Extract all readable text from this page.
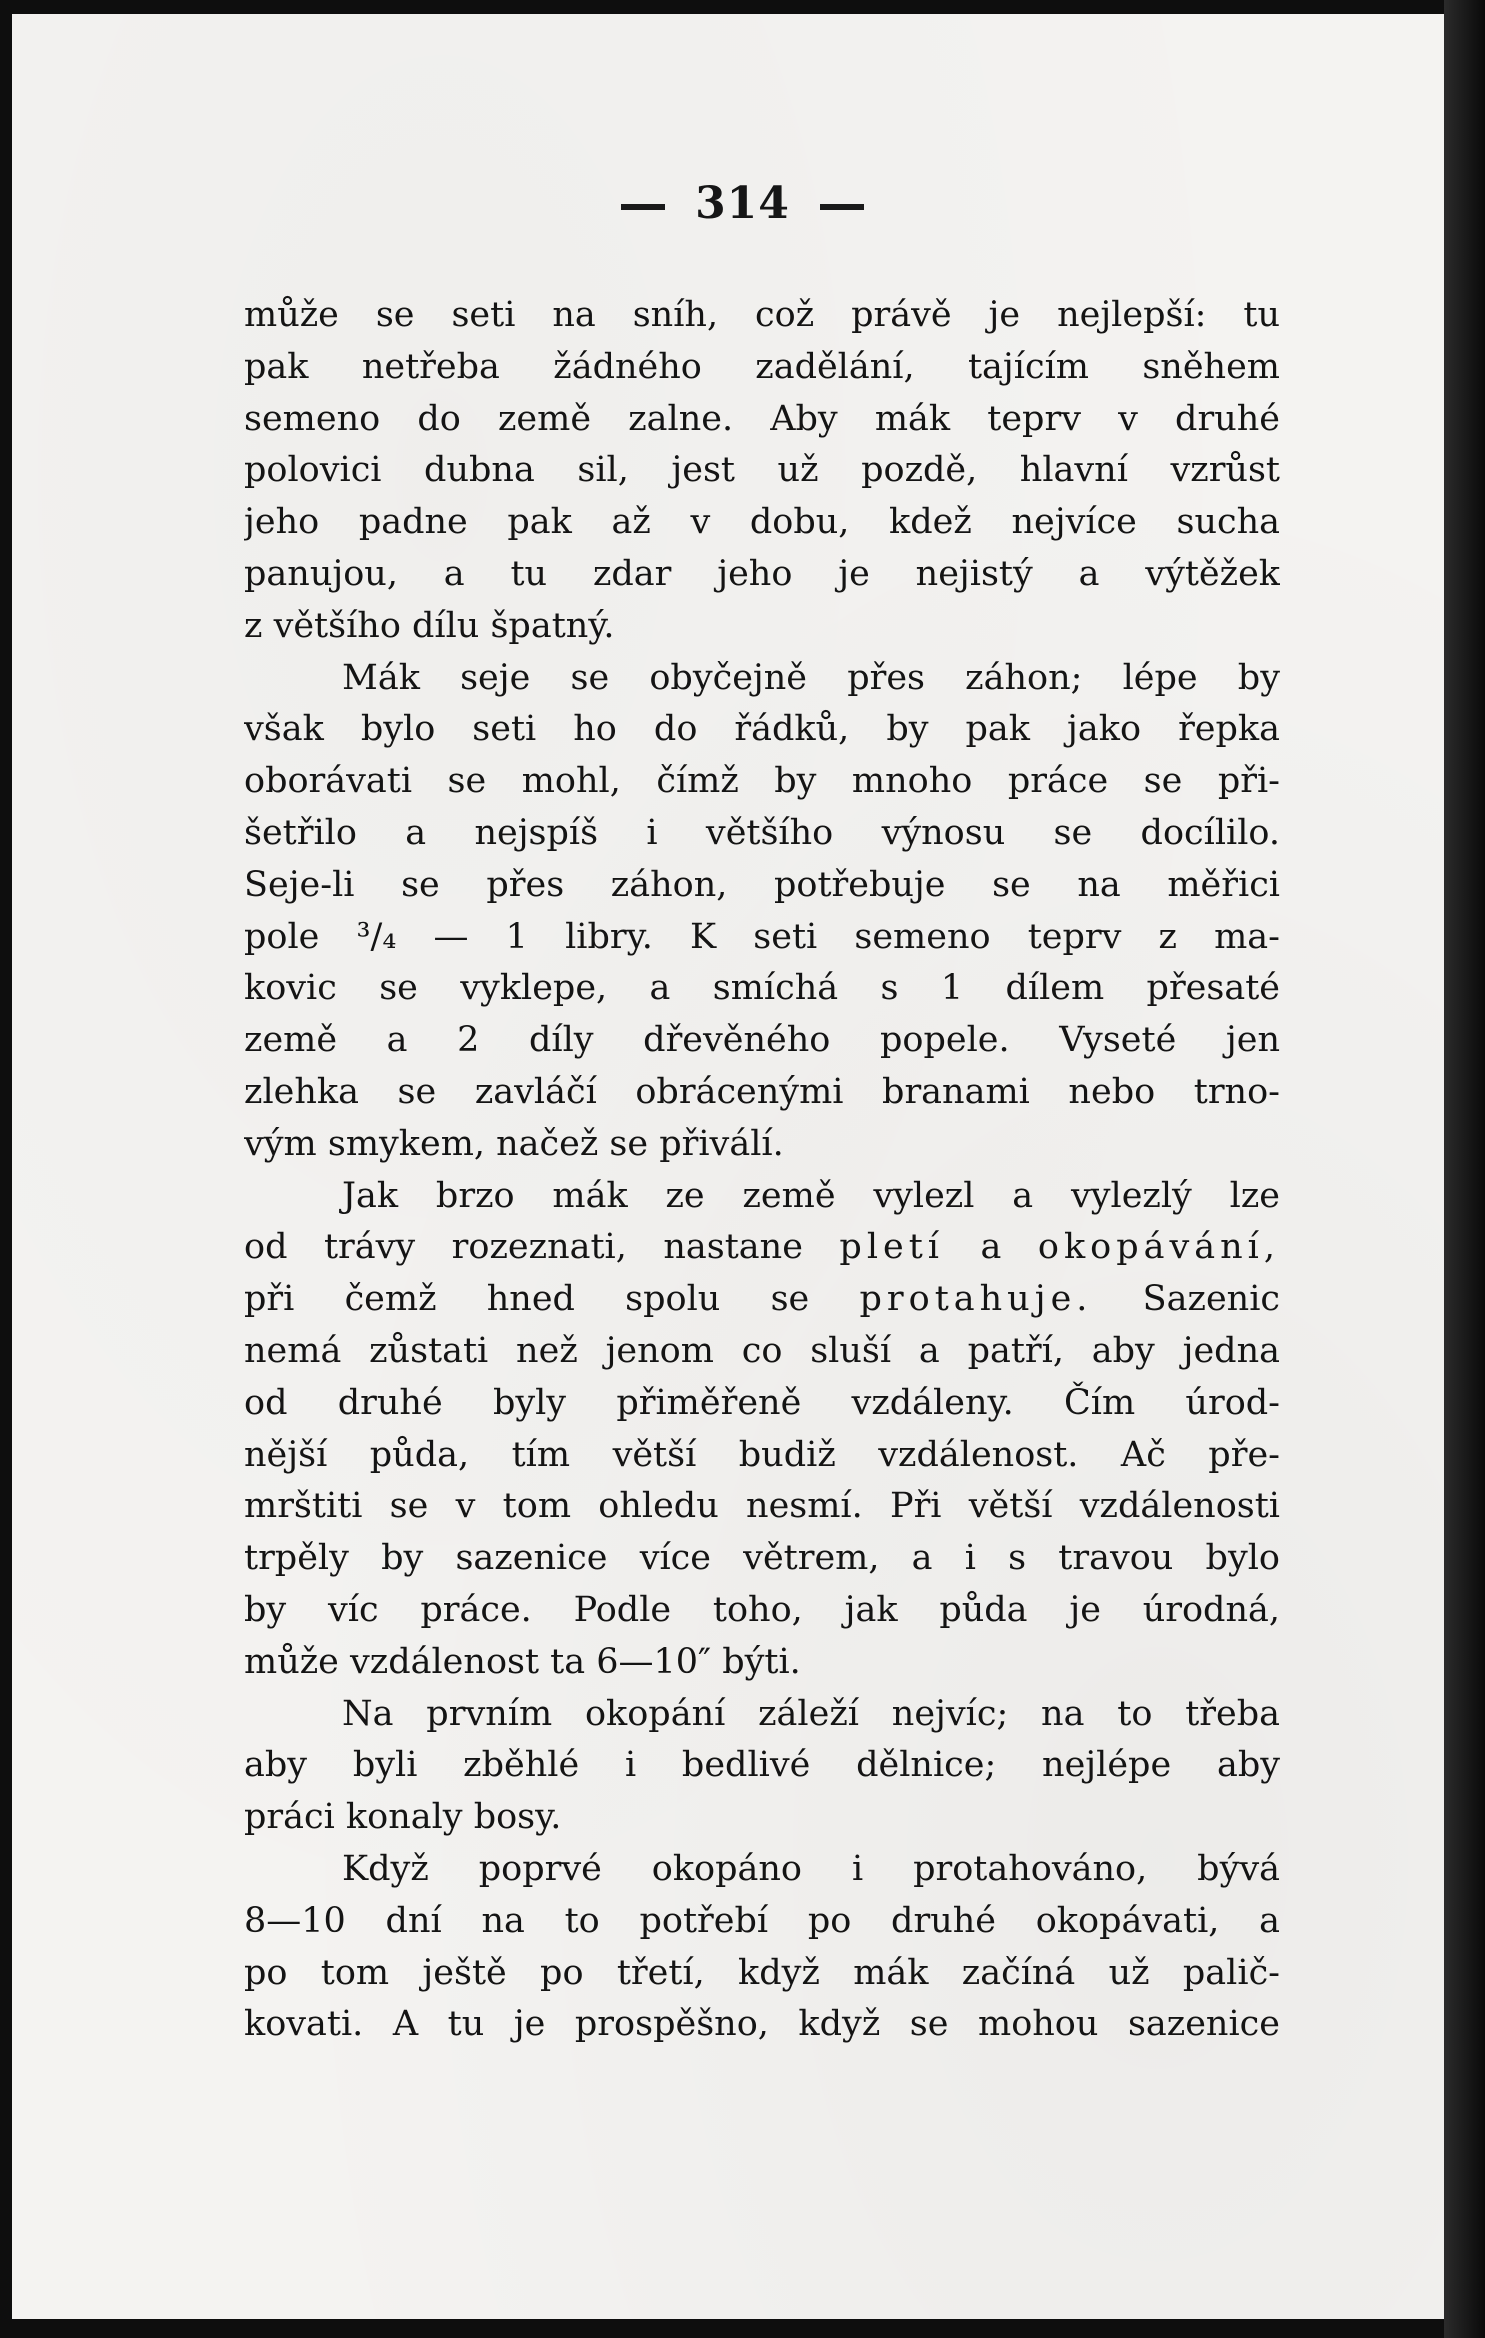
314
může se seti na sníh, což právě je nejlepší: tu
pak netřeba žádného zadělání, tajícím sněhem
semeno do země zalne. Aby mák teprv v druhé
polovici dubna sil, jest už pozdě, hlavní vzrůst
jeho padne pak až v dobu, kdež nejvíce sucha
panujou, a tu zdar jeho je nejistý a výtěžek
z většího dílu špatný.
Mák seje se obyčejně přes záhon; lépe by
však bylo seti ho do řádků, by pak jako řepka
oborávati se mohl, čímž by mnoho práce se při-
šetřilo a nejspíš i většího výnosu se docílilo.
Seje-li se přes záhon, potřebuje se na měřici
pole ³/₄ — 1 libry. K seti semeno teprv z ma-
kovic se vyklepe, a smíchá s 1 dílem přesaté
země a 2 díly dřevěného popele. Vyseté jen
zlehka se zavláčí obrácenými branami nebo trno-
vým smykem, načež se přiválí.
Jak brzo mák ze země vylezl a vylezlý lze
od trávy rozeznati, nastane pletí a okopávání,
při čemž hned spolu se protahuje. Sazenic
nemá zůstati než jenom co sluší a patří, aby jedna
od druhé byly přiměřeně vzdáleny. Čím úrod-
nější půda, tím větší budiž vzdálenost. Ač pře-
mrštiti se v tom ohledu nesmí. Při větší vzdálenosti
trpěly by sazenice více větrem, a i s travou bylo
by víc práce. Podle toho, jak půda je úrodná,
může vzdálenost ta 6—10″ býti.
Na prvním okopání záleží nejvíc; na to třeba
aby byli zběhlé i bedlivé dělnice; nejlépe aby
práci konaly bosy.
Když poprvé okopáno i protahováno, bývá
8—10 dní na to potřebí po druhé okopávati, a
po tom ještě po třetí, když mák začíná už palič-
kovati. A tu je prospěšno, když se mohou sazenice
